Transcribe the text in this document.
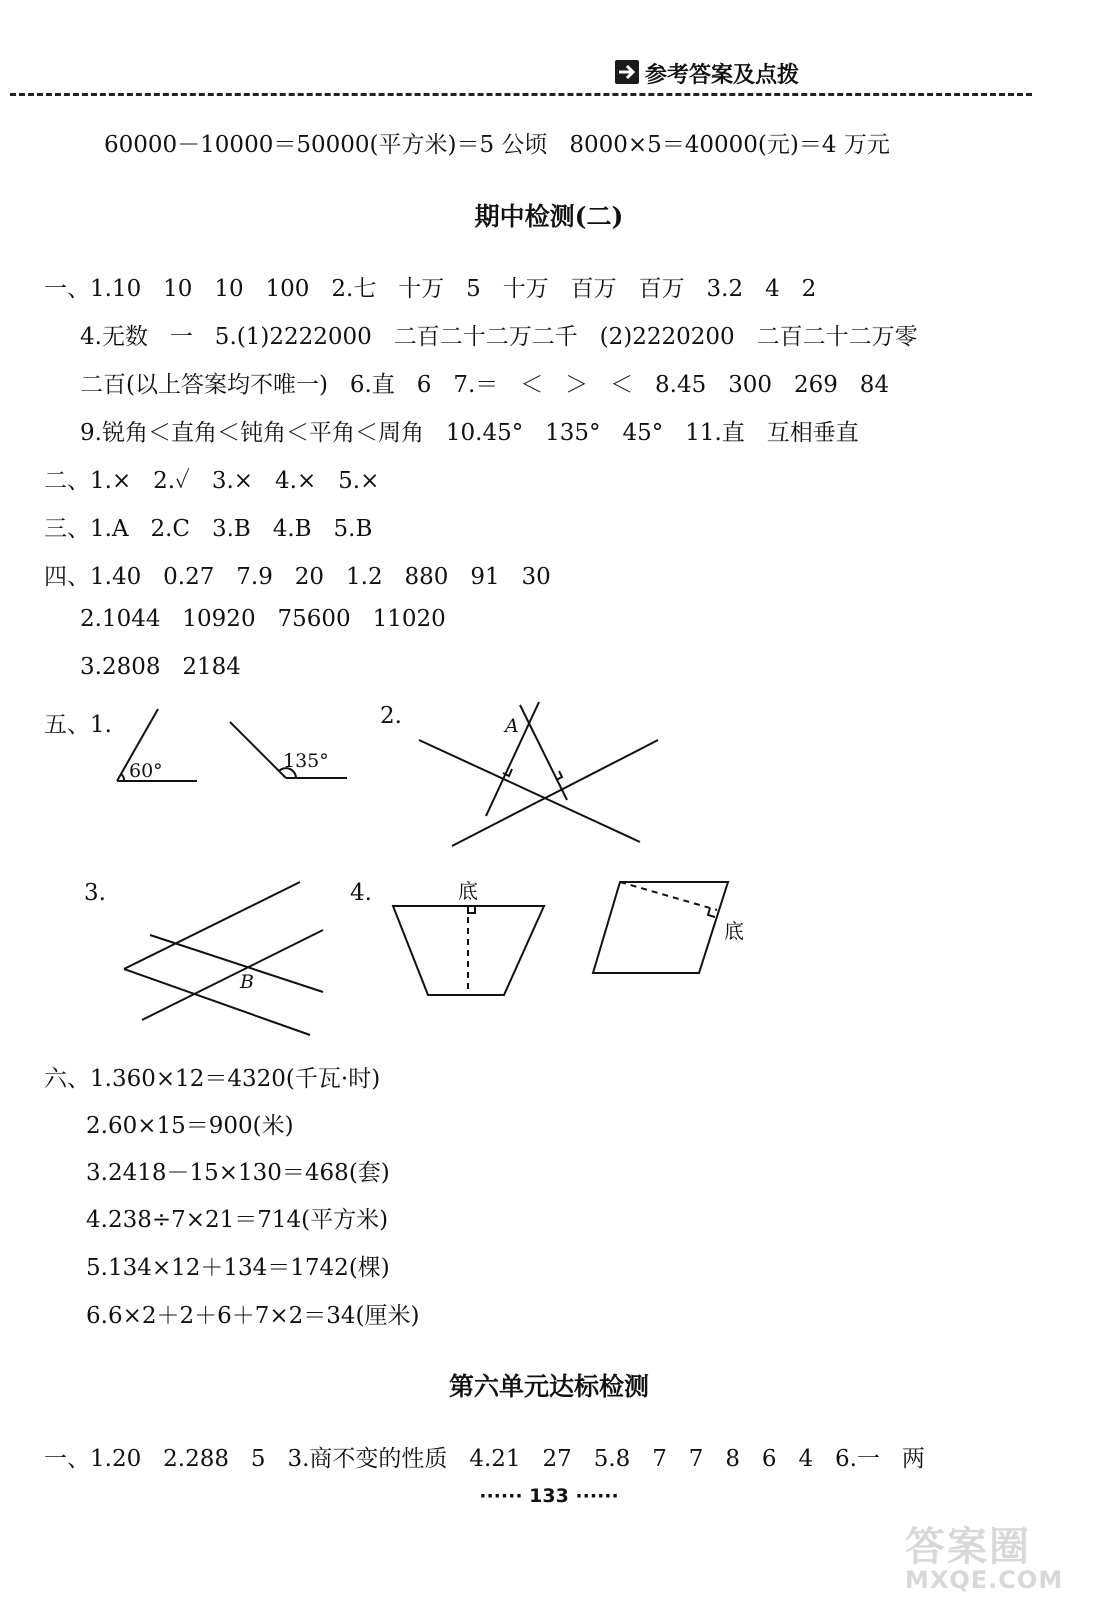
参考答案及点拨
60000－10000＝50000(平方米)＝5 公顷   8000×5＝40000(元)＝4 万元
期中检测(二)
一、1.10   10   10   100   2.七   十万   5   十万   百万   百万   3.2   4   2
4.无数   一   5.(1)2222000   二百二十二万二千   (2)2220200   二百二十二万零
二百(以上答案均不唯一)   6.直   6   7.＝   ＜   ＞   ＜   8.45   300   269   84
9.锐角＜直角＜钝角＜平角＜周角   10.45°   135°   45°   11.直   互相垂直
二、1.×   2.✓   3.×   4.×   5.×
三、1.A   2.C   3.B   4.B   5.B
四、1.40   0.27   7.9   20   1.2   880   91   30
2.1044   10920   75600   11020
3.2808   2184
五、1.	2.
3.	4.
60°	135°
A
B
底
底
六、1.360×12＝4320(千瓦·时)
2.60×15＝900(米)
3.2418－15×130＝468(套)
4.238÷7×21＝714(平方米)
5.134×12＋134＝1742(棵)
6.6×2＋2＋6＋7×2＝34(厘米)
第六单元达标检测
一、1.20   2.288   5   3.商不变的性质   4.21   27   5.8   7   7   8   6   4   6.一   两
······ 133 ······
答案圈
MXQE.COM
